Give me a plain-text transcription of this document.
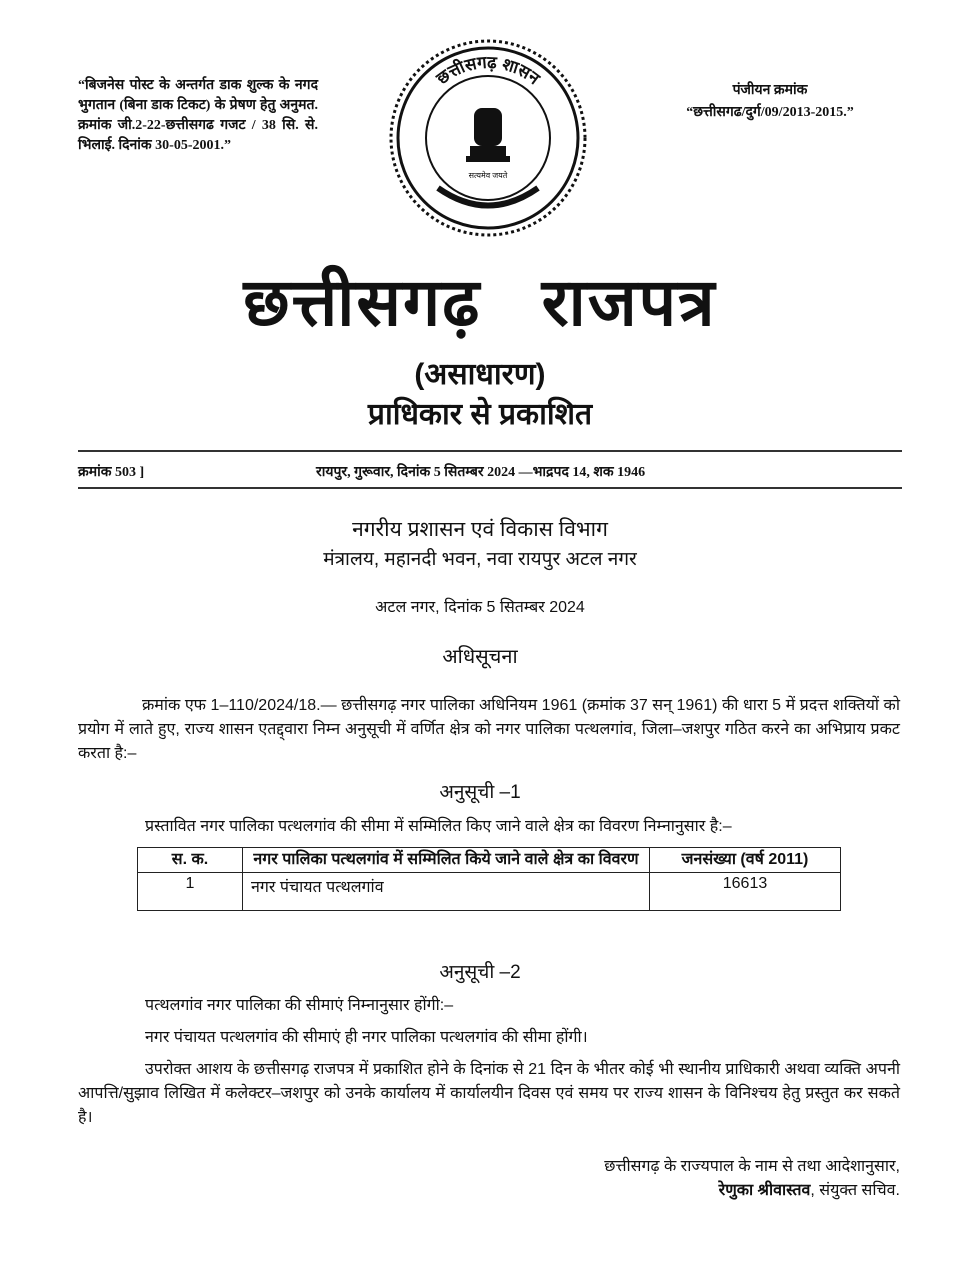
“बिजनेस पोस्ट के अन्तर्गत डाक शुल्क के नगद भुगतान (बिना डाक टिकट) के प्रेषण हेतु अनुमत. क्रमांक जी.2-22-छत्तीसगढ गजट / 38 सि. से. भिलाई. दिनांक 30-05-2001.”
पंजीयन क्रमांक
“छत्तीसगढ/दुर्ग/09/2013-2015.”
छत्तीसगढ़ शासन
सत्यमेव जयते
छत्तीसगढ़ राजपत्र
(असाधारण)
प्राधिकार से प्रकाशित
क्रमांक 503 ]	रायपुर, गुरूवार, दिनांक 5 सितम्बर 2024 —भाद्रपद 14, शक 1946
नगरीय प्रशासन एवं विकास विभाग
मंत्रालय, महानदी भवन, नवा रायपुर अटल नगर
अटल नगर, दिनांक 5 सितम्बर 2024
अधिसूचना
क्रमांक एफ 1–110/2024/18.— छत्तीसगढ़ नगर पालिका अधिनियम 1961 (क्रमांक 37 सन् 1961) की धारा 5 में प्रदत्त शक्तियों को प्रयोग में लाते हुए, राज्य शासन एतद्द्वारा निम्न अनुसूची में वर्णित क्षेत्र को नगर पालिका पत्थलगांव, जिला–जशपुर गठित करने का अभिप्राय प्रकट करता है:–
अनुसूची –1
प्रस्तावित नगर पालिका पत्थलगांव की सीमा में सम्मिलित किए जाने वाले क्षेत्र का विवरण निम्नानुसार है:–
स. क.	नगर पालिका पत्थलगांव में सम्मिलित किये जाने वाले क्षेत्र का विवरण	जनसंख्या (वर्ष 2011)
1	नगर पंचायत पत्थलगांव	16613
अनुसूची –2
पत्थलगांव नगर पालिका की सीमाएं निम्नानुसार होंगी:–
नगर पंचायत पत्थलगांव की सीमाएं ही नगर पालिका पत्थलगांव की सीमा होंगी।
उपरोक्त आशय के छत्तीसगढ़ राजपत्र में प्रकाशित होने के दिनांक से 21 दिन के भीतर कोई भी स्थानीय प्राधिकारी अथवा व्यक्ति अपनी आपत्ति/सुझाव लिखित में कलेक्टर–जशपुर को उनके कार्यालय में कार्यालयीन दिवस एवं समय पर राज्य शासन के विनिश्चय हेतु प्रस्तुत कर सकते है।
छत्तीसगढ़ के राज्यपाल के नाम से तथा आदेशानुसार,
रेणुका श्रीवास्तव, संयुक्त सचिव.
